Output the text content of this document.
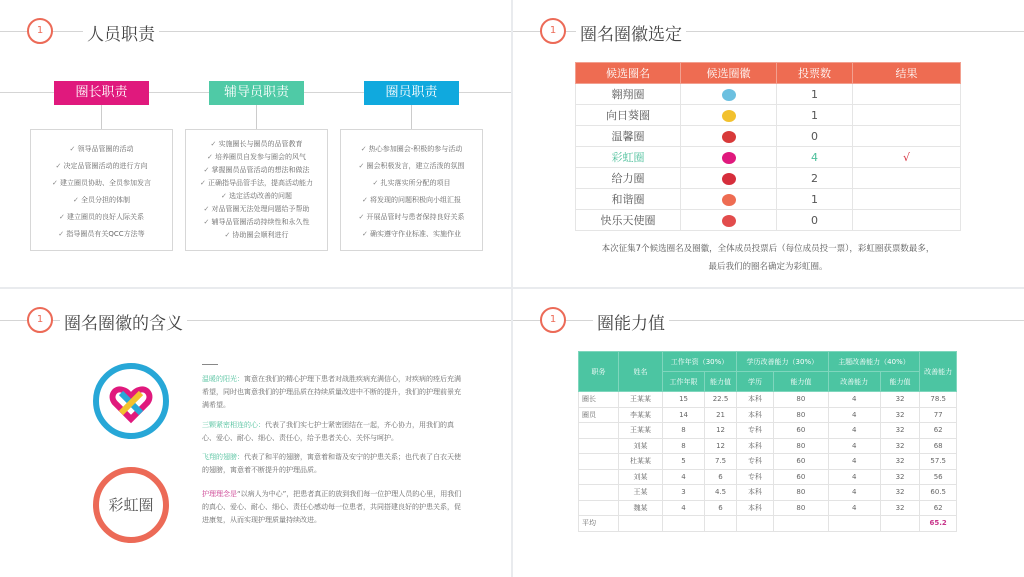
1	人员职责
圈长职责	辅导员职责	圈员职责
✓ 领导品管圈的活动
✓ 决定品管圈活动的进行方向
✓ 建立圈员协助、全员参加发言
✓ 全员分担的体制
✓ 建立圈员的良好人际关系
✓ 指导圈员有关QCC方法等
✓ 实施圈长与圈员的品管教育
✓ 培养圈员自发参与圈会的风气
✓ 掌握圈员品管活动的想法和做法
✓ 正确指导品管手法，提高活动能力
✓ 选定活动改善的问题
✓ 对品管圈无法处理问题给予帮助
✓ 辅导品管圈活动持续性和永久性
✓ 协助圈会顺利进行
✓ 热心参加圈会-积极的参与活动
✓ 圈会积极发言，建立活泼的氛围
✓ 扎实落实所分配的项目
✓ 将发现的问题积极向小组汇报
✓ 开展品管时与患者保持良好关系
✓ 确实遵守作业标准、实施作业
1	圈名圈徽选定
候选圈名	候选圈徽	投票数	结果
翱翔圈		1	
向日葵圈		1	
温馨圈		0	
彩虹圈		4	√
给力圈		2	
和谐圈		1	
快乐天使圈		0	
本次征集7个候选圈名及圈徽，全体成员投票后（每位成员投一票），彩虹圈获票数最多，
最后我们的圈名确定为彩虹圈。
1	圈名圈徽的含义
彩虹圈
温暖的阳光：寓意在我们的精心护理下患者对战胜疾病充满信心，对疾病的痊后充满希望，同时也寓意我们的护理品质在持续质量改进中不断的提升，我们的护理前景充满希望。
三颗紧密相连的心：代表了我们实七护士紧密团结在一起，齐心协力，用我们的真心、爱心、耐心、细心、责任心，给予患者关心、关怀与呵护。
飞翔的翅膀：代表了和平的翅膀，寓意着和谐及安宁的护患关系；也代表了白衣天使的翅膀，寓意着不断提升的护理品质。
护理理念是“以病人为中心”，把患者真正的放到我们每一位护理人员的心里，用我们的真心、爱心、耐心、细心、责任心感动每一位患者，共同搭建良好的护患关系，促进康复，从而实现护理质量持续改进。
1	圈能力值
职务	姓名	工作年资（30%）		学历改善能力（30%）		主题改善能力（40%）		改善能力
		工作年限	能力值	学历	能力值	改善能力	能力值	
圈长	王某某	15	22.5	本科	80	4	32	78.5
圈员	李某某	14	21	本科	80	4	32	77
	王某某	8	12	专科	60	4	32	62
	刘某	8	12	本科	80	4	32	68
	杜某某	5	7.5	专科	60	4	32	57.5
	刘某	4	6	专科	60	4	32	56
	王某	3	4.5	本科	80	4	32	60.5
	魏某	4	6	本科	80	4	32	62
平均								65.2
